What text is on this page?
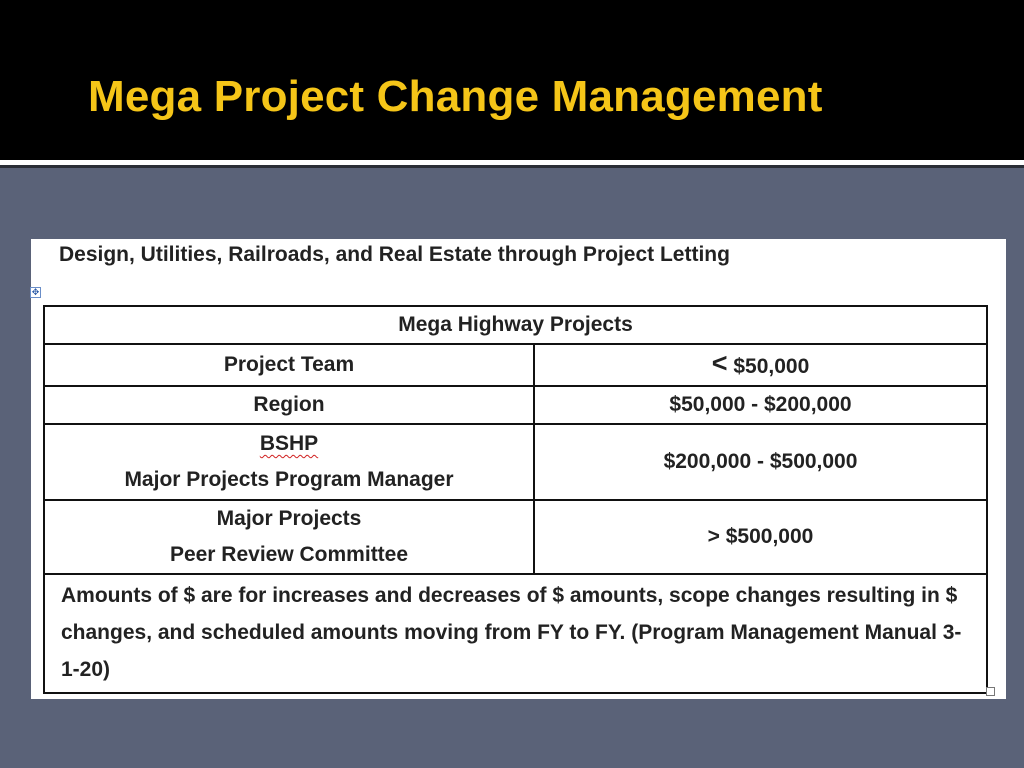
Mega Project Change Management
Design, Utilities, Railroads, and Real Estate through Project Letting
✥
Mega Highway Projects	
Project Team	< $50,000
Region	$50,000 - $200,000
BSHP
Major Projects Program Manager	$200,000 - $500,000
Major Projects
Peer Review Committee	> $500,000
Amounts of $ are for increases and decreases of $ amounts, scope changes resulting in $ changes, and scheduled amounts moving from FY to FY. (Program Management Manual 3-1-20)	
